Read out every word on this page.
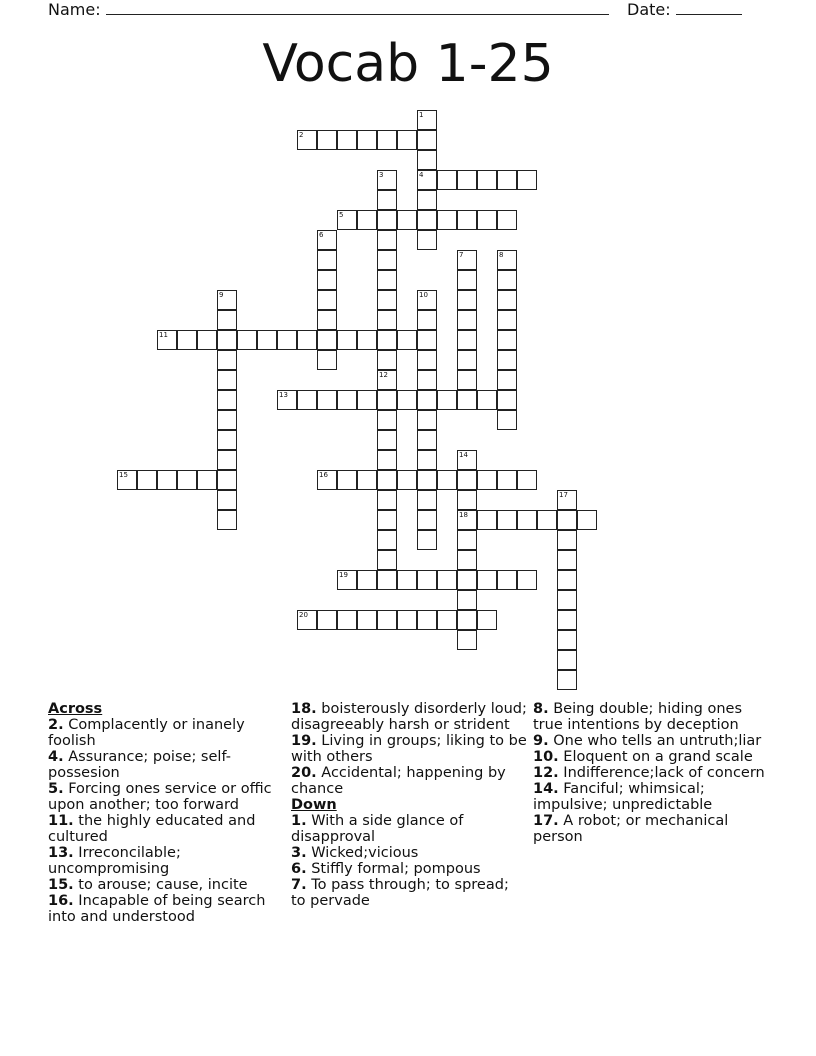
Name:	Date:
Vocab 1-25
1
4
2
3
12
5
6
7	8
9	10
11
13
14
18
15	16
17
19
20
Across
2. Complacently or inanely foolish
4. Assurance; poise; self-possesion
5. Forcing ones service or offic upon another; too forward
11. the highly educated and cultured
13. Irreconcilable; uncompromising
15. to arouse; cause, incite
16. Incapable of being search into and understood
18. boisterously disorderly loud; disagreeably harsh or strident
19. Living in groups; liking to be with others
20. Accidental; happening by chance
Down
1. With a side glance of disapproval
3. Wicked;vicious
6. Stiffly formal; pompous
7. To pass through; to spread; to pervade
8. Being double; hiding ones true intentions by deception
9. One who tells an untruth;liar
10. Eloquent on a grand scale
12. Indifference;lack of concern
14. Fanciful; whimsical; impulsive; unpredictable
17. A robot; or mechanical person
